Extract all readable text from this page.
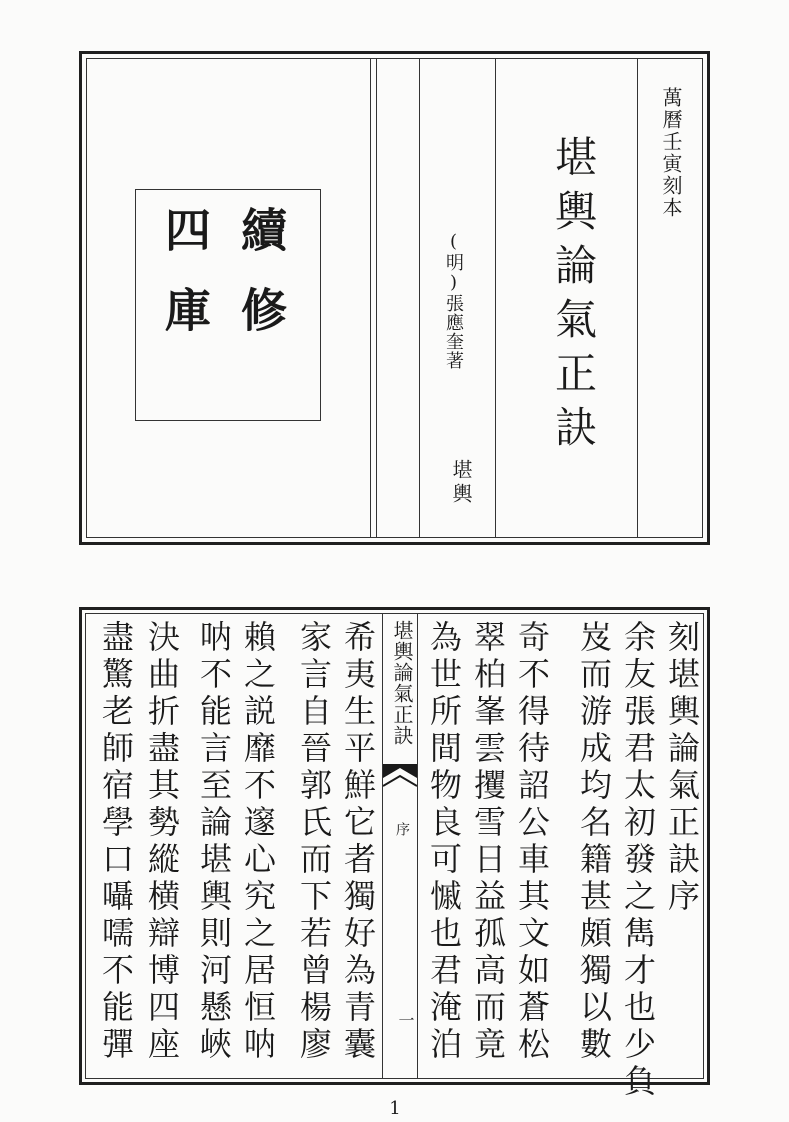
續修
四庫	(明)張應奎著
堪輿
堪輿論氣正訣	萬曆壬寅刻本
刻堪輿論氣正訣序
余友張君太初發之雋才也少負
岌而游成均名籍甚頗獨以數
奇不得待詔公車其文如蒼松
翠柏峯雲攫雪日益孤高而竟
為世所間物良可慽也君淹泊
堪輿論氣正訣
序
一
希夷生平鮮它者獨好為青囊
家言自晉郭氏而下若曾楊廖
賴之説靡不邃心究之居恒呐
呐不能言至論堪輿則河懸峽
決曲折盡其勢縱横辯博四座
盡驚老師宿學口囁嚅不能彈
1
